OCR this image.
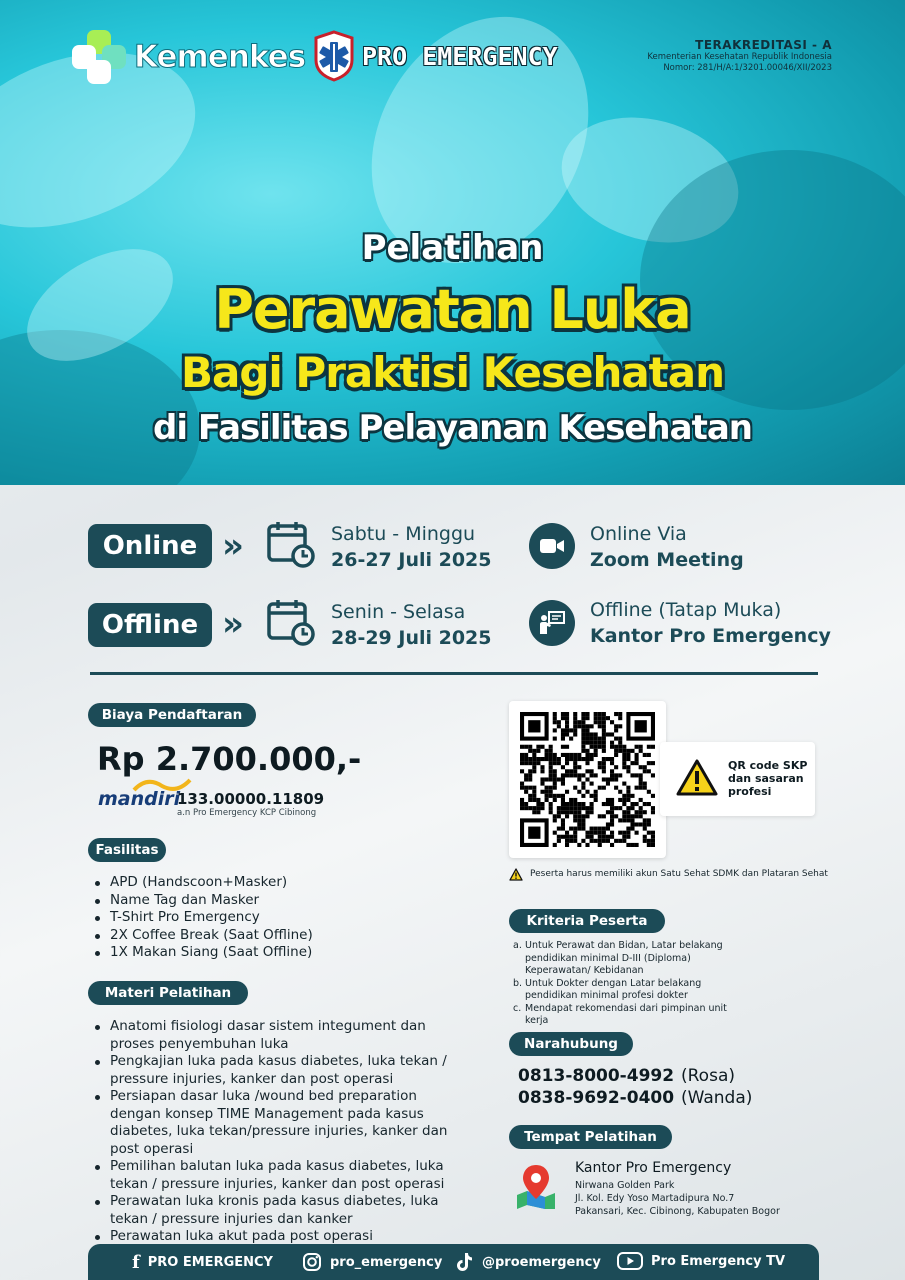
Kemenkes PRO EMERGENCY	TERAKREDITASI - A
Kementerian Kesehatan Republik Indonesia
Nomor: 281/H/A:1/3201.00046/XII/2023
Pelatihan
Perawatan Luka
Bagi Praktisi Kesehatan
di Fasilitas Pelayanan Kesehatan
Online »	Sabtu - Minggu
26-27 Juli 2025
Online Via
Zoom Meeting
Offline »	Senin - Selasa
28-29 Juli 2025
Offline (Tatap Muka)
Kantor Pro Emergency
Biaya Pendaftaran
Rp 2.700.000,-
mandiri
133.00000.11809
a.n Pro Emergency KCP Cibinong
Fasilitas
APD (Handscoon+Masker)
Name Tag dan Masker
T-Shirt Pro Emergency
2X Coffee Break (Saat Offline)
1X Makan Siang (Saat Offline)
Materi Pelatihan
Anatomi fisiologi dasar sistem integument dan proses penyembuhan luka
Pengkajian luka pada kasus diabetes, luka tekan / pressure injuries, kanker dan post operasi
Persiapan dasar luka /wound bed preparation dengan konsep TIME Management pada kasus diabetes, luka tekan/pressure injuries, kanker dan post operasi
Pemilihan balutan luka pada kasus diabetes, luka tekan / pressure injuries, kanker dan post operasi
Perawatan luka kronis pada kasus diabetes, luka tekan / pressure injuries dan kanker
Perawatan luka akut pada post operasi
QR code SKP dan sasaran profesi
Peserta harus memiliki akun Satu Sehat SDMK dan Plataran Sehat
Kriteria Peserta
a. Untuk Perawat dan Bidan, Latar belakang pendidikan minimal D-III (Diploma) Keperawatan/ Kebidanan
b. Untuk Dokter dengan Latar belakang pendidikan minimal profesi dokter
c. Mendapat rekomendasi dari pimpinan unit kerja
Narahubung
0813-8000-4992 (Rosa)
0838-9692-0400 (Wanda)
Tempat Pelatihan
Kantor Pro Emergency
Nirwana Golden Park
Jl. Kol. Edy Yoso Martadipura No.7
Pakansari, Kec. Cibinong, Kabupaten Bogor
f PRO EMERGENCY	pro_emergency	@proemergency	Pro Emergency TV
